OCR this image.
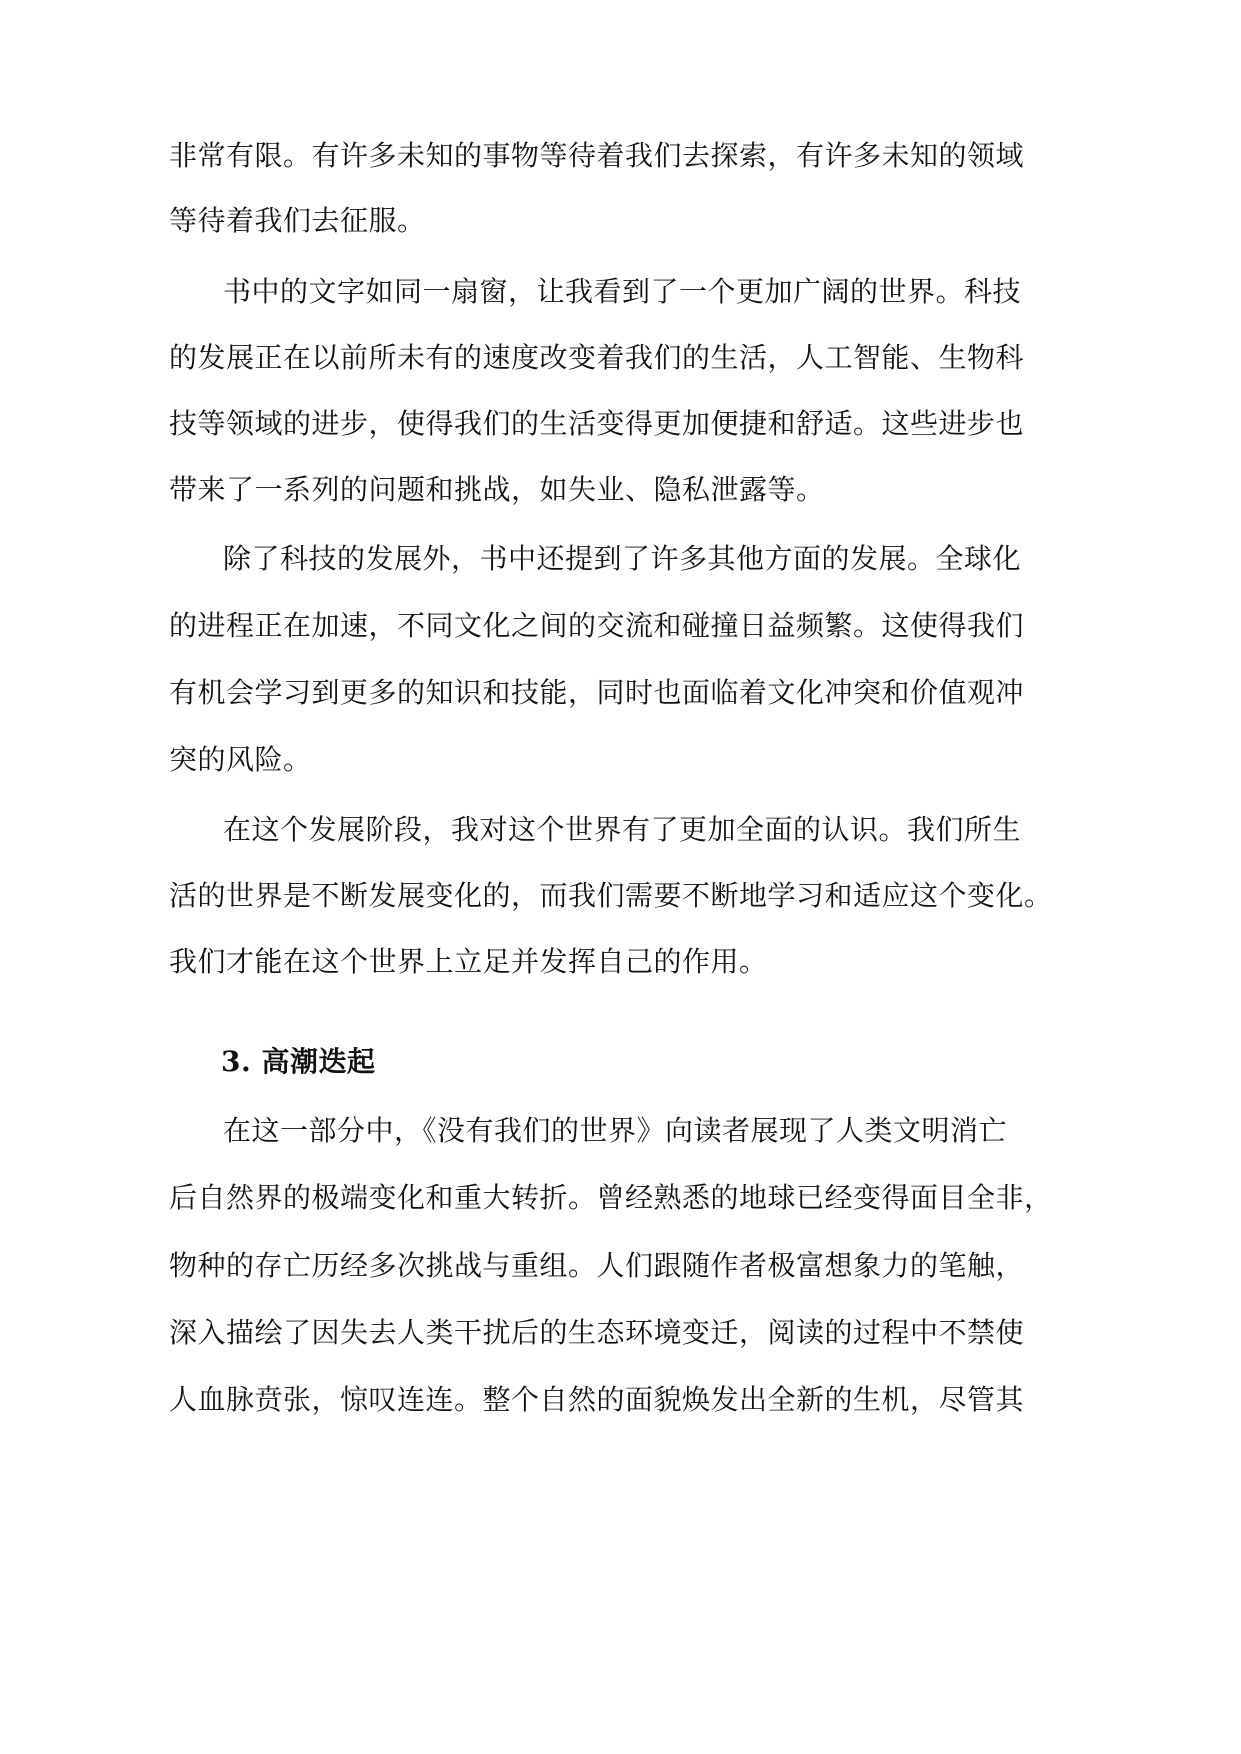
非常有限。有许多未知的事物等待着我们去探索，有许多未知的领域
等待着我们去征服。
书中的文字如同一扇窗，让我看到了一个更加广阔的世界。科技
的发展正在以前所未有的速度改变着我们的生活，人工智能、生物科
技等领域的进步，使得我们的生活变得更加便捷和舒适。这些进步也
带来了一系列的问题和挑战，如失业、隐私泄露等。
除了科技的发展外，书中还提到了许多其他方面的发展。全球化
的进程正在加速，不同文化之间的交流和碰撞日益频繁。这使得我们
有机会学习到更多的知识和技能，同时也面临着文化冲突和价值观冲
突的风险。
在这个发展阶段，我对这个世界有了更加全面的认识。我们所生
活的世界是不断发展变化的，而我们需要不断地学习和适应这个变化。
我们才能在这个世界上立足并发挥自己的作用。
3. 高潮迭起
在这一部分中，《没有我们的世界》向读者展现了人类文明消亡
后自然界的极端变化和重大转折。曾经熟悉的地球已经变得面目全非，
物种的存亡历经多次挑战与重组。人们跟随作者极富想象力的笔触，
深入描绘了因失去人类干扰后的生态环境变迁，阅读的过程中不禁使
人血脉贲张，惊叹连连。整个自然的面貌焕发出全新的生机，尽管其
